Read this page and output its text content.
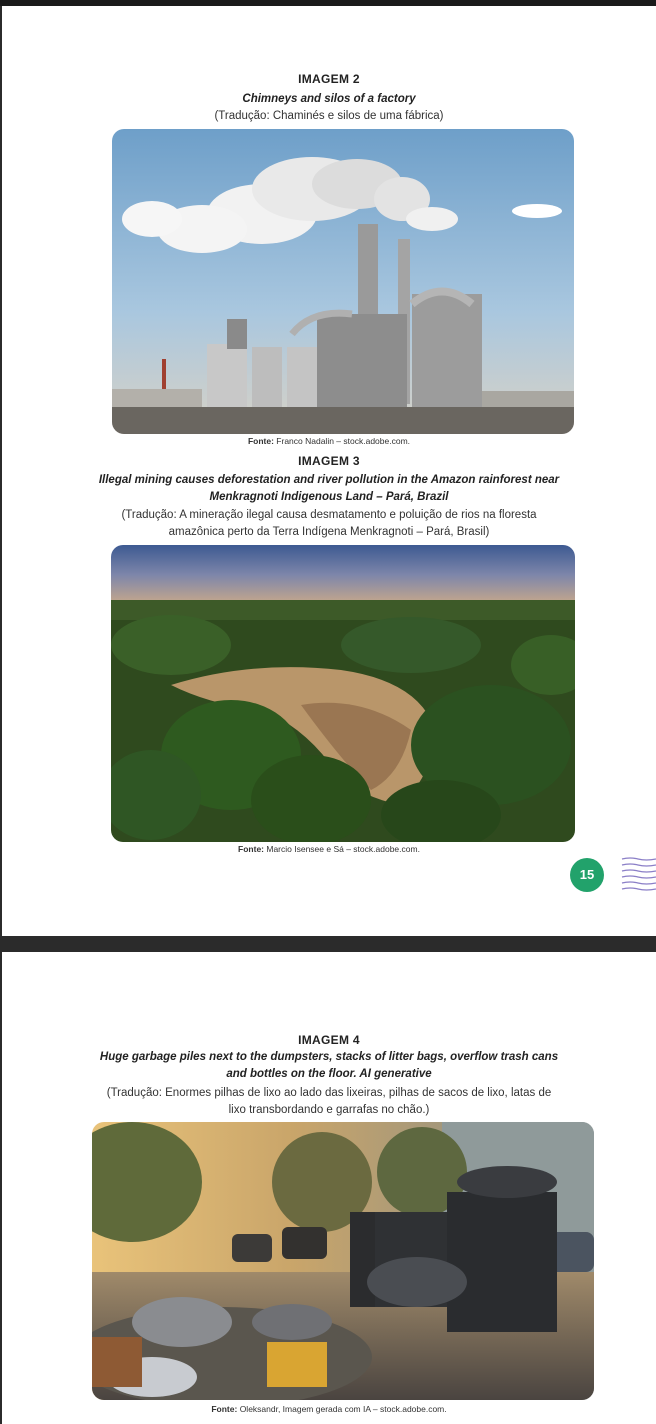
IMAGEM 2
Chimneys and silos of a factory
(Tradução: Chaminés e silos de uma fábrica)
Fonte: Franco Nadalin – stock.adobe.com.
IMAGEM 3
Illegal mining causes deforestation and river pollution in the Amazon rainforest near
Menkragnoti Indigenous Land – Pará, Brazil
(Tradução: A mineração ilegal causa desmatamento e poluição de rios na floresta
amazônica perto da Terra Indígena Menkragnoti – Pará, Brasil)
Fonte: Marcio Isensee e Sá – stock.adobe.com.
15
IMAGEM 4
Huge garbage piles next to the dumpsters, stacks of litter bags, overflow trash cans
and bottles on the floor. AI generative
(Tradução: Enormes pilhas de lixo ao lado das lixeiras, pilhas de sacos de lixo, latas de
lixo transbordando e garrafas no chão.)
Fonte: Oleksandr, Imagem gerada com IA – stock.adobe.com.
